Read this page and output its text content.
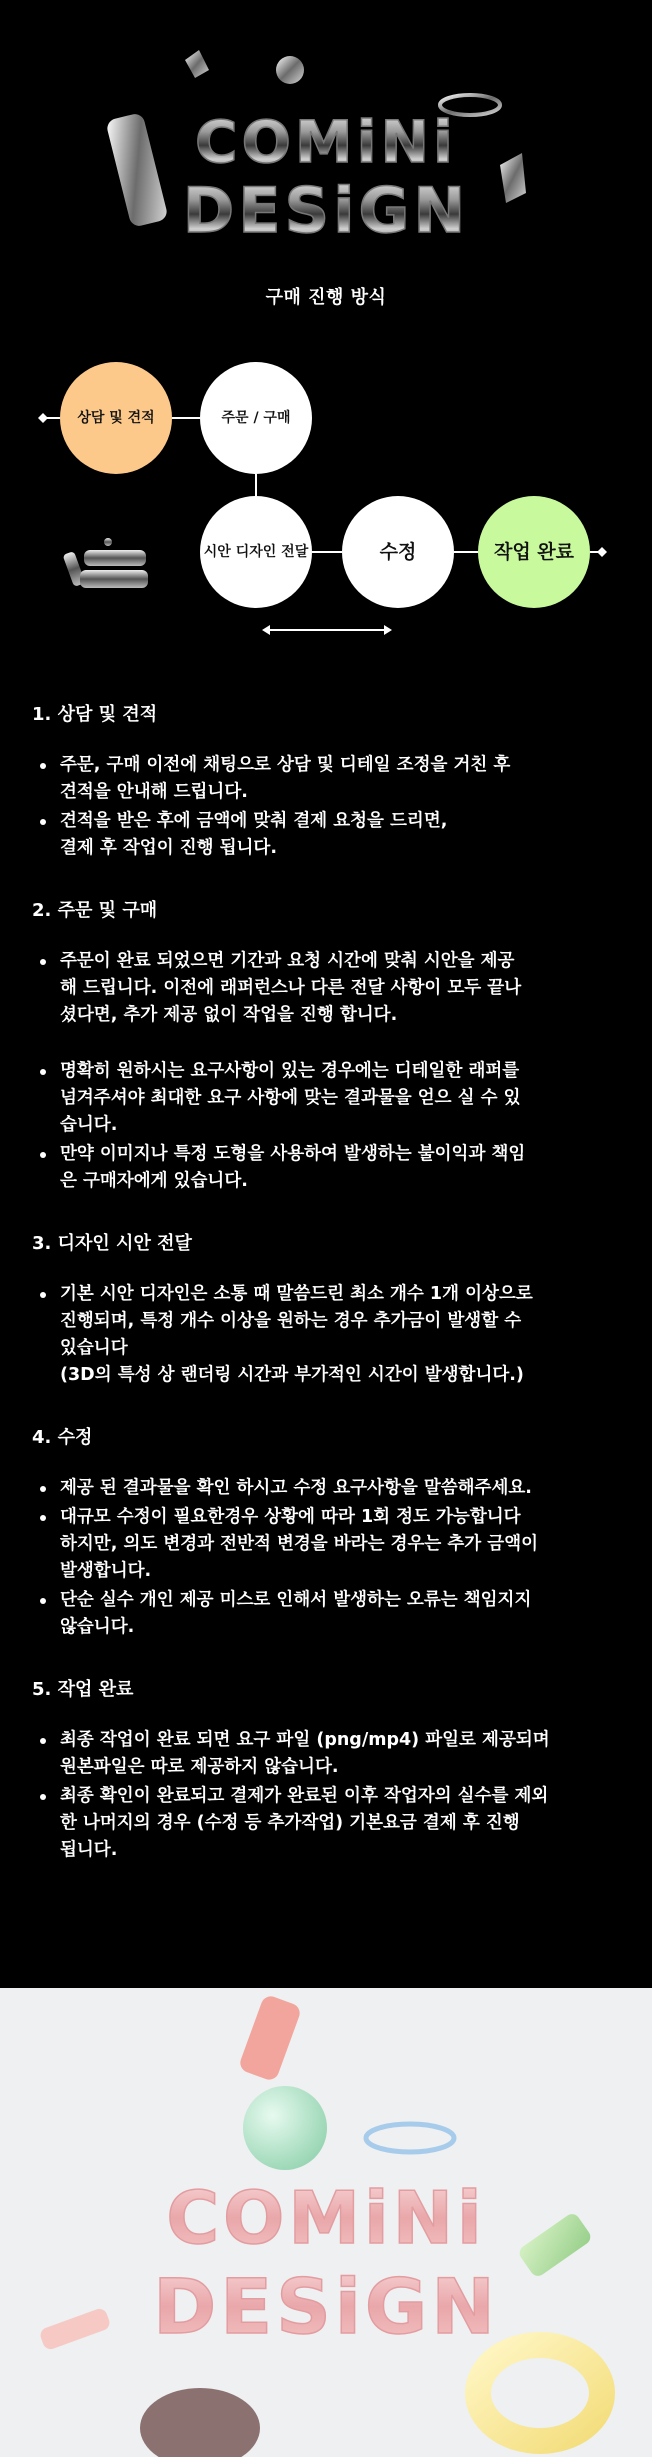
COMiNi
DESiGN
구매 진행 방식
상담 및 견적	주문 / 구매
시안 디자인 전달	수정	작업 완료
1. 상담 및 견적
주문, 구매 이전에 채팅으로 상담 및 디테일 조정을 거친 후
견적을 안내해 드립니다.
견적을 받은 후에 금액에 맞춰 결제 요청을 드리면,
결제 후 작업이 진행 됩니다.
2. 주문 및 구매
주문이 완료 되었으면 기간과 요청 시간에 맞춰 시안을 제공
해 드립니다. 이전에 래퍼런스나 다른 전달 사항이 모두 끝나
셨다면, 추가 제공 없이 작업을 진행 합니다.
명확히 원하시는 요구사항이 있는 경우에는 디테일한 래퍼를
넘겨주셔야 최대한 요구 사항에 맞는 결과물을 얻으 실 수 있
습니다.
만약 이미지나 특정 도형을 사용하여 발생하는 불이익과 책임
은 구매자에게 있습니다.
3. 디자인 시안 전달
기본 시안 디자인은 소통 때 말씀드린 최소 개수 1개 이상으로
진행되며, 특정 개수 이상을 원하는 경우 추가금이 발생할 수
있습니다
(3D의 특성 상 랜더링 시간과 부가적인 시간이 발생합니다.)
4. 수정
제공 된 결과물을 확인 하시고 수정 요구사항을 말씀해주세요.
대규모 수정이 필요한경우 상황에 따라 1회 정도 가능합니다
하지만, 의도 변경과 전반적 변경을 바라는 경우는 추가 금액이
발생합니다.
단순 실수 개인 제공 미스로 인해서 발생하는 오류는 책임지지
않습니다.
5. 작업 완료
최종 작업이 완료 되면 요구 파일 (png/mp4) 파일로 제공되며
원본파일은 따로 제공하지 않습니다.
최종 확인이 완료되고 결제가 완료된 이후 작업자의 실수를 제외
한 나머지의 경우 (수정 등 추가작업) 기본요금 결제 후 진행
됩니다.
COMiNi
DESiGN
